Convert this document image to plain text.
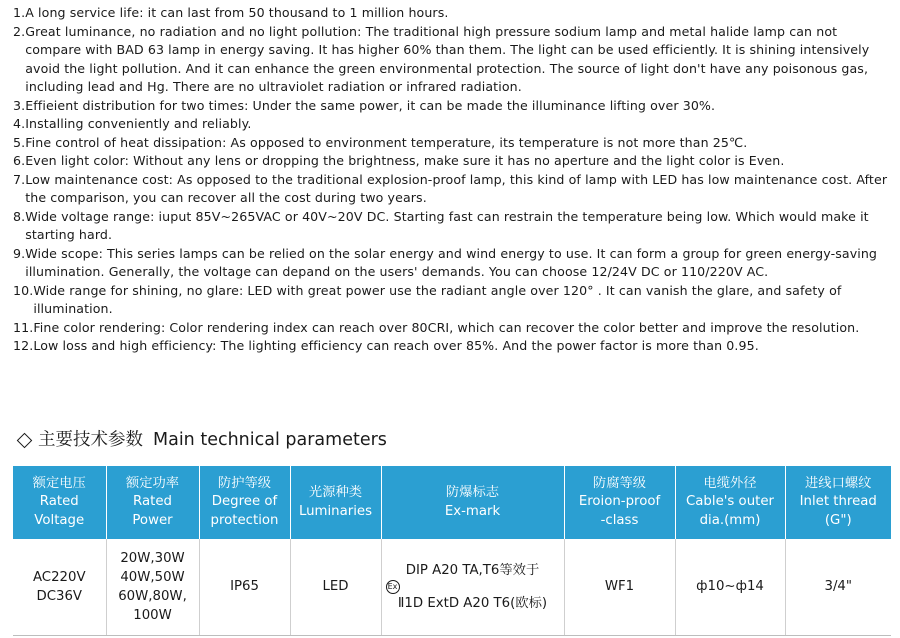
1. A long service life: it can last from 50 thousand to 1 million hours.
2. Great luminance, no radiation and no light pollution: The traditional high pressure sodium lamp and metal halide lamp can not compare with BAD 63 lamp in energy saving. It has higher 60% than them. The light can be used efficiently. It is shining intensively avoid the light pollution. And it can enhance the green environmental protection. The source of light don't have any poisonous gas, including lead and Hg. There are no ultraviolet radiation or infrared radiation.
3. Effieient distribution for two times: Under the same power, it can be made the illuminance lifting over 30%.
4. Installing conveniently and reliably.
5. Fine control of heat dissipation: As opposed to environment temperature, its temperature is not more than 25℃.
6. Even light color: Without any lens or dropping the brightness, make sure it has no aperture and the light color is Even.
7. Low maintenance cost: As opposed to the traditional explosion-proof lamp, this kind of lamp with LED has low maintenance cost. After the comparison, you can recover all the cost during two years.
8. Wide voltage range: iuput 85V~265VAC or 40V~20V DC. Starting fast can restrain the temperature being low. Which would make it starting hard.
9. Wide scope: This series lamps can be relied on the solar energy and wind energy to use. It can form a group for green energy-saving illumination. Generally, the voltage can depand on the users' demands. You can choose 12/24V DC or 110/220V AC.
10. Wide range for shining, no glare: LED with great power use the radiant angle over 120° . It can vanish the glare, and safety of illumination.
11. Fine color rendering: Color rendering index can reach over 80CRI, which can recover the color better and improve the resolution.
12. Low loss and high efficiency: The lighting efficiency can reach over 85%. And the power factor is more than 0.95.
主要技术参数 Main technical parameters
额定电压
Rated
Voltage	额定功率
Rated
Power	防护等级
Degree of
protection	光源种类
Luminaries	防爆标志
Ex-mark	防腐等级
Eroion-proof
-class	电缆外径
Cable's outer
dia.(mm)	进线口螺纹
Inlet thread
(G")

AC220V
DC36V	20W,30W
40W,50W
60W,80W,
100W	IP65	LED	DIP A20 TA,T6等效于
Ex
Ⅱ1D ExtD A20 T6(欧标)	WF1	ф10~ф14	3/4"
